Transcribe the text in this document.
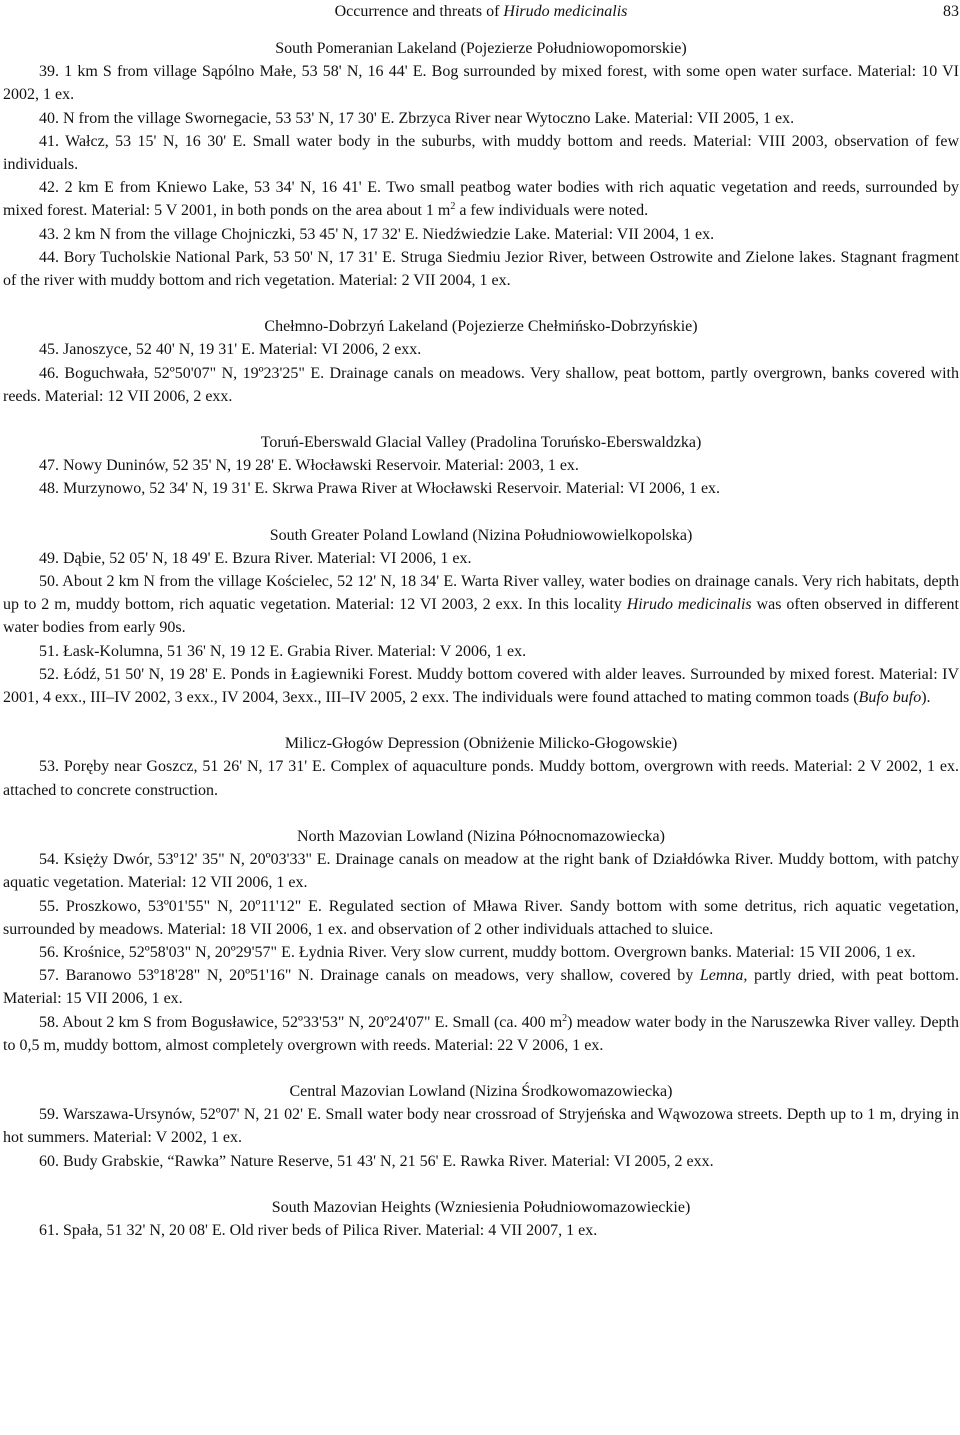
Occurrence and threats of Hirudo medicinalis	83

South Pomeranian Lakeland (Pojezierze Południowopomorskie)

39. 1 km S from village Sąpólno Małe, 53 58' N, 16 44' E. Bog surrounded by mixed forest, with some open water surface. Material: 10 VI 2002, 1 ex.

40. N from the village Swornegacie, 53 53' N, 17 30' E. Zbrzyca River near Wytoczno Lake. Material: VII 2005, 1 ex.

41. Wałcz, 53 15' N, 16 30' E. Small water body in the suburbs, with muddy bottom and reeds. Material: VIII 2003, observation of few individuals.

42. 2 km E from Kniewo Lake, 53 34' N, 16 41' E. Two small peatbog water bodies with rich aquatic vegetation and reeds, surrounded by mixed forest. Material: 5 V 2001, in both ponds on the area about 1 $m^2$ a few individuals were noted.

43. 2 km N from the village Chojniczki, 53 45' N, 17 32' E. Niedźwiedzie Lake. Material: VII 2004, 1 ex.

44. Bory Tucholskie National Park, 53 50' N, 17 31' E. Struga Siedmiu Jezior River, between Ostrowite and Zielone lakes. Stagnant fragment of the river with muddy bottom and rich vegetation. Material: 2 VII 2004, 1 ex.

Chełmno-Dobrzyń Lakeland (Pojezierze Chełmińsko-Dobrzyńskie)

45. Janoszyce, 52 40' N, 19 31' E. Material: VI 2006, 2 exx.

46. Boguchwała, 52º50'07" N, 19º23'25" E. Drainage canals on meadows. Very shallow, peat bottom, partly overgrown, banks covered with reeds. Material: 12 VII 2006, 2 exx.

Toruń-Eberswald Glacial Valley (Pradolina Toruńsko-Eberswaldzka)

47. Nowy Duninów, 52 35' N, 19 28' E. Włocławski Reservoir. Material: 2003, 1 ex.

48. Murzynowo, 52 34' N, 19 31' E. Skrwa Prawa River at Włocławski Reservoir. Material: VI 2006, 1 ex.

South Greater Poland Lowland (Nizina Południowowielkopolska)

49. Dąbie, 52 05' N, 18 49' E. Bzura River. Material: VI 2006, 1 ex.

50. About 2 km N from the village Kościelec, 52 12' N, 18 34' E. Warta River valley, water bodies on drainage canals. Very rich habitats, depth up to 2 m, muddy bottom, rich aquatic vegetation. Material: 12 VI 2003, 2 exx. In this locality Hirudo medicinalis was often observed in different water bodies from early 90s.

51. Łask-Kolumna, 51 36' N, 19 12 E. Grabia River. Material: V 2006, 1 ex.

52. Łódź, 51 50' N, 19 28' E. Ponds in Łagiewniki Forest. Muddy bottom covered with alder leaves. Surrounded by mixed forest. Material: IV 2001, 4 exx., III–IV 2002, 3 exx., IV 2004, 3exx., III–IV 2005, 2 exx. The individuals were found attached to mating common toads (Bufo bufo).

Milicz-Głogów Depression (Obniżenie Milicko-Głogowskie)

53. Poręby near Goszcz, 51 26' N, 17 31' E. Complex of aquaculture ponds. Muddy bottom, overgrown with reeds. Material: 2 V 2002, 1 ex. attached to concrete construction.

North Mazovian Lowland (Nizina Północnomazowiecka)

54. Księży Dwór, 53º12' 35" N, 20º03'33" E. Drainage canals on meadow at the right bank of Działdówka River. Muddy bottom, with patchy aquatic vegetation. Material: 12 VII 2006, 1 ex.

55. Proszkowo, 53º01'55" N, 20º11'12" E. Regulated section of Mława River. Sandy bottom with some detritus, rich aquatic vegetation, surrounded by meadows. Material: 18 VII 2006, 1 ex. and observation of 2 other individuals attached to sluice.

56. Krośnice, 52º58'03" N, 20º29'57" E. Łydnia River. Very slow current, muddy bottom. Overgrown banks. Material: 15 VII 2006, 1 ex.

57. Baranowo 53º18'28" N, 20º51'16" N. Drainage canals on meadows, very shallow, covered by Lemna, partly dried, with peat bottom. Material: 15 VII 2006, 1 ex.

58. About 2 km S from Bogusławice, 52º33'53" N, 20º24'07" E. Small (ca. 400 $m^2$) meadow water body in the Naruszewka River valley. Depth to 0,5 m, muddy bottom, almost completely overgrown with reeds. Material: 22 V 2006, 1 ex.

Central Mazovian Lowland (Nizina Środkowomazowiecka)

59. Warszawa-Ursynów, 52º07' N, 21 02' E. Small water body near crossroad of Stryjeńska and Wąwozowa streets. Depth up to 1 m, drying in hot summers. Material: V 2002, 1 ex.

60. Budy Grabskie, “Rawka” Nature Reserve, 51 43' N, 21 56' E. Rawka River. Material: VI 2005, 2 exx.

South Mazovian Heights (Wzniesienia Południowomazowieckie)

61. Spała, 51 32' N, 20 08' E. Old river beds of Pilica River. Material: 4 VII 2007, 1 ex.
